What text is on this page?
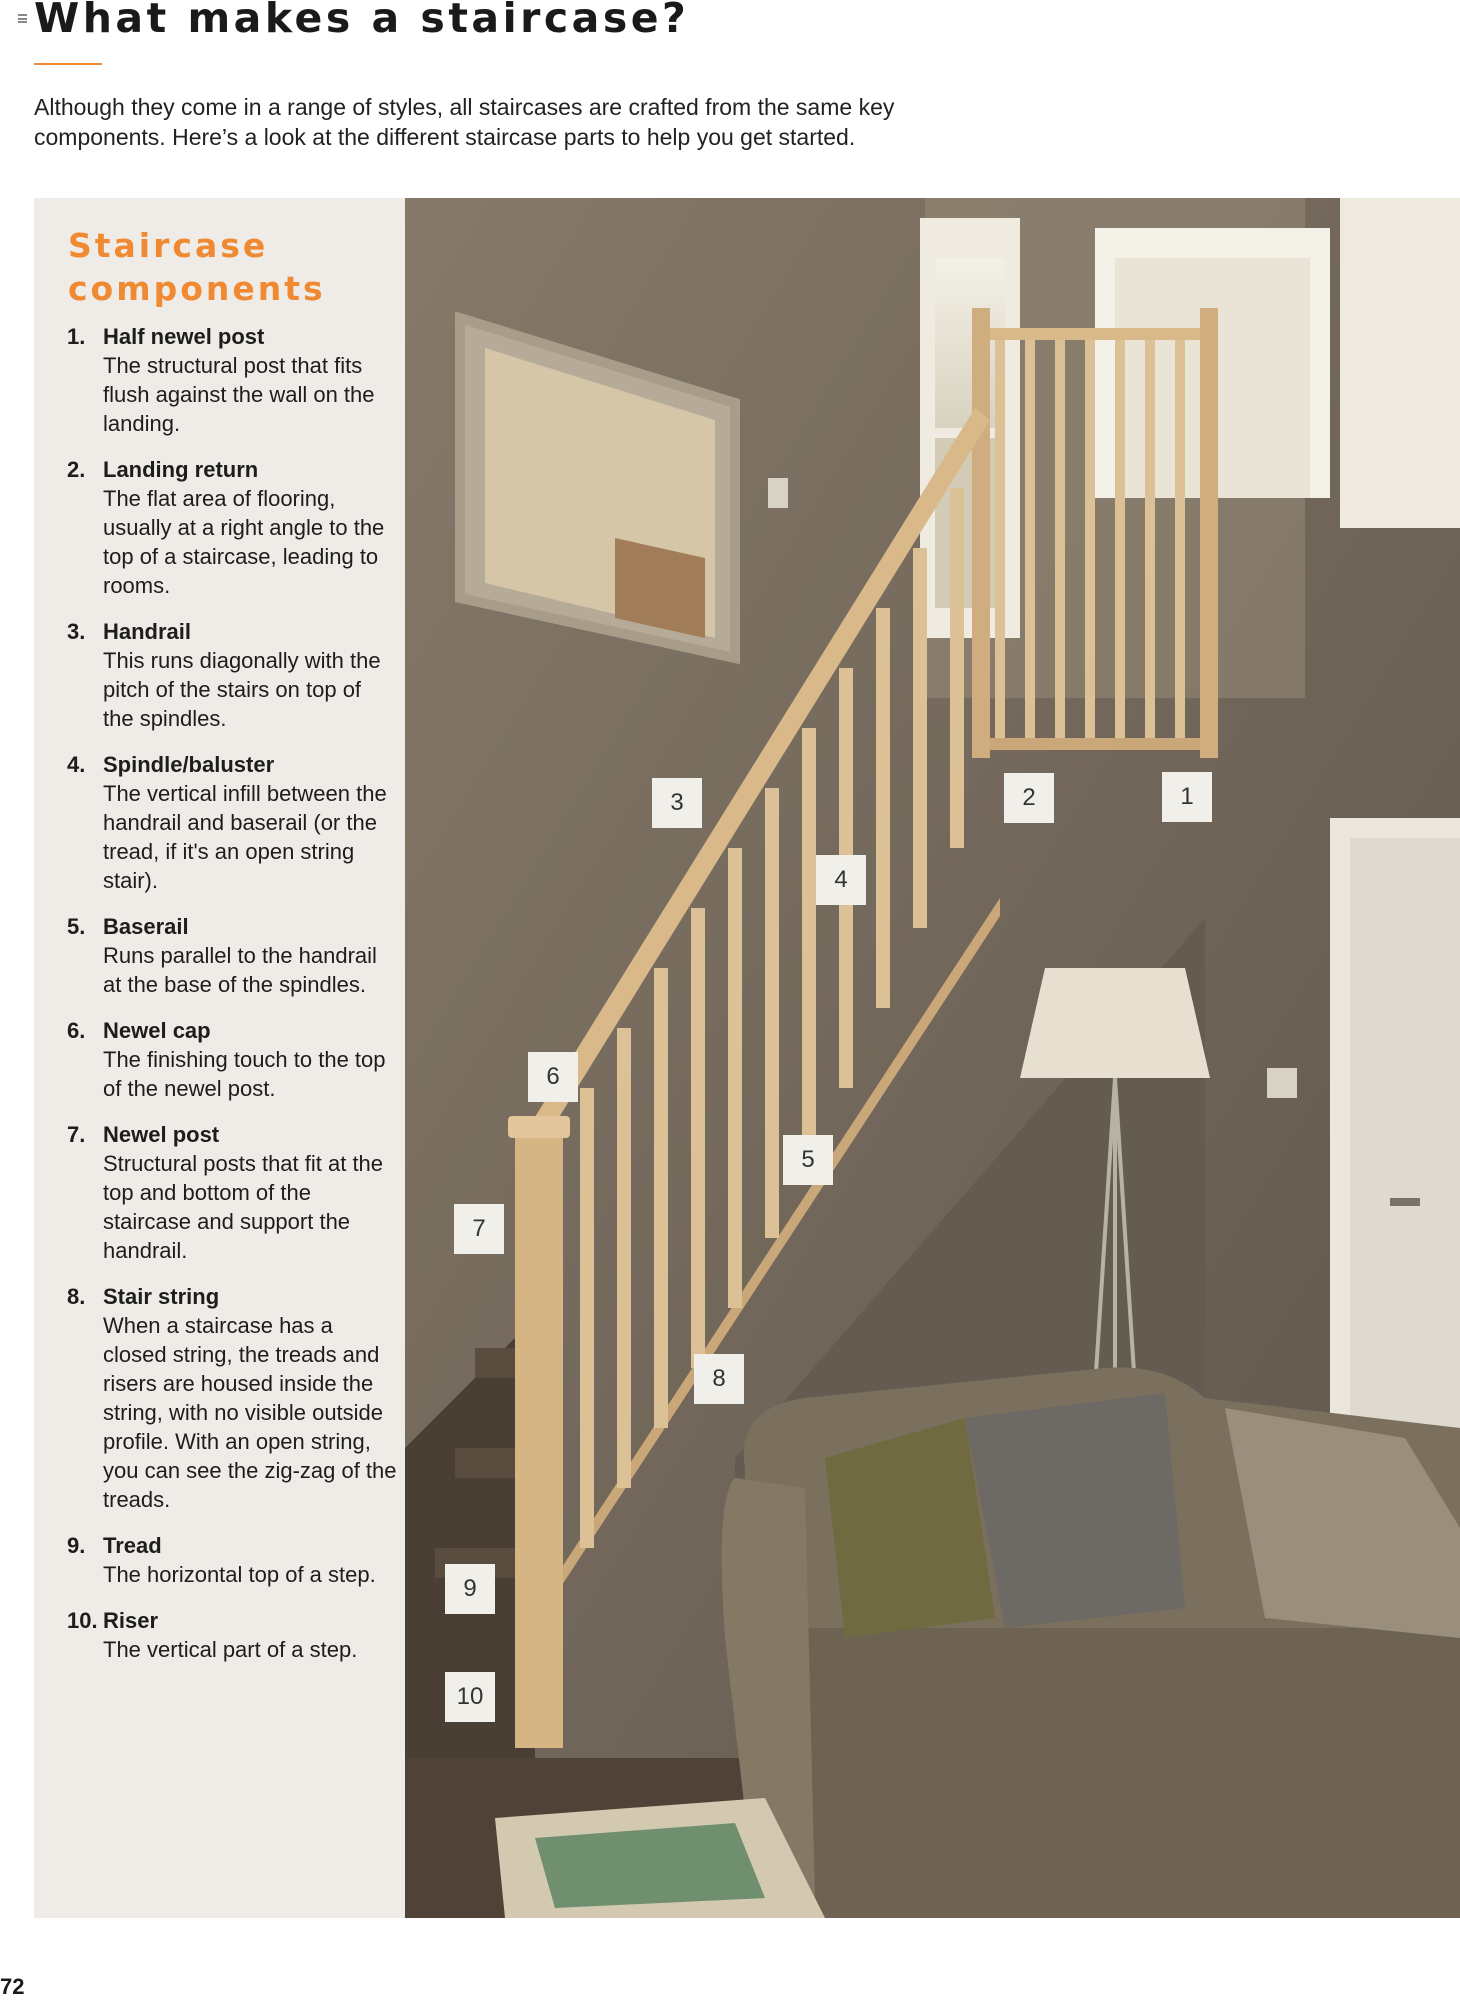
What makes a staircase?

Although they come in a range of styles, all staircases are crafted from the same key components. Here’s a look at the different staircase parts to help you get started.

Staircase components
1. Half newel post
The structural post that fits flush against the wall on the landing.
2. Landing return
The flat area of flooring, usually at a right angle to the top of a staircase, leading to rooms.
3. Handrail
This runs diagonally with the pitch of the stairs on top of the spindles.
4. Spindle/baluster
The vertical infill between the handrail and baserail (or the tread, if it's an open string stair).
5. Baserail
Runs parallel to the handrail at the base of the spindles.
6. Newel cap
The finishing touch to the top of the newel post.
7. Newel post
Structural posts that fit at the top and bottom of the staircase and support the handrail.
8. Stair string
When a staircase has a closed string, the treads and risers are housed inside the string, with no visible outside profile. With an open string, you can see the zig-zag of the treads.
9. Tread
The horizontal top of a step.
10. Riser
The vertical part of a step.
1
2
3
4
5
6
7
8
9
10
72
